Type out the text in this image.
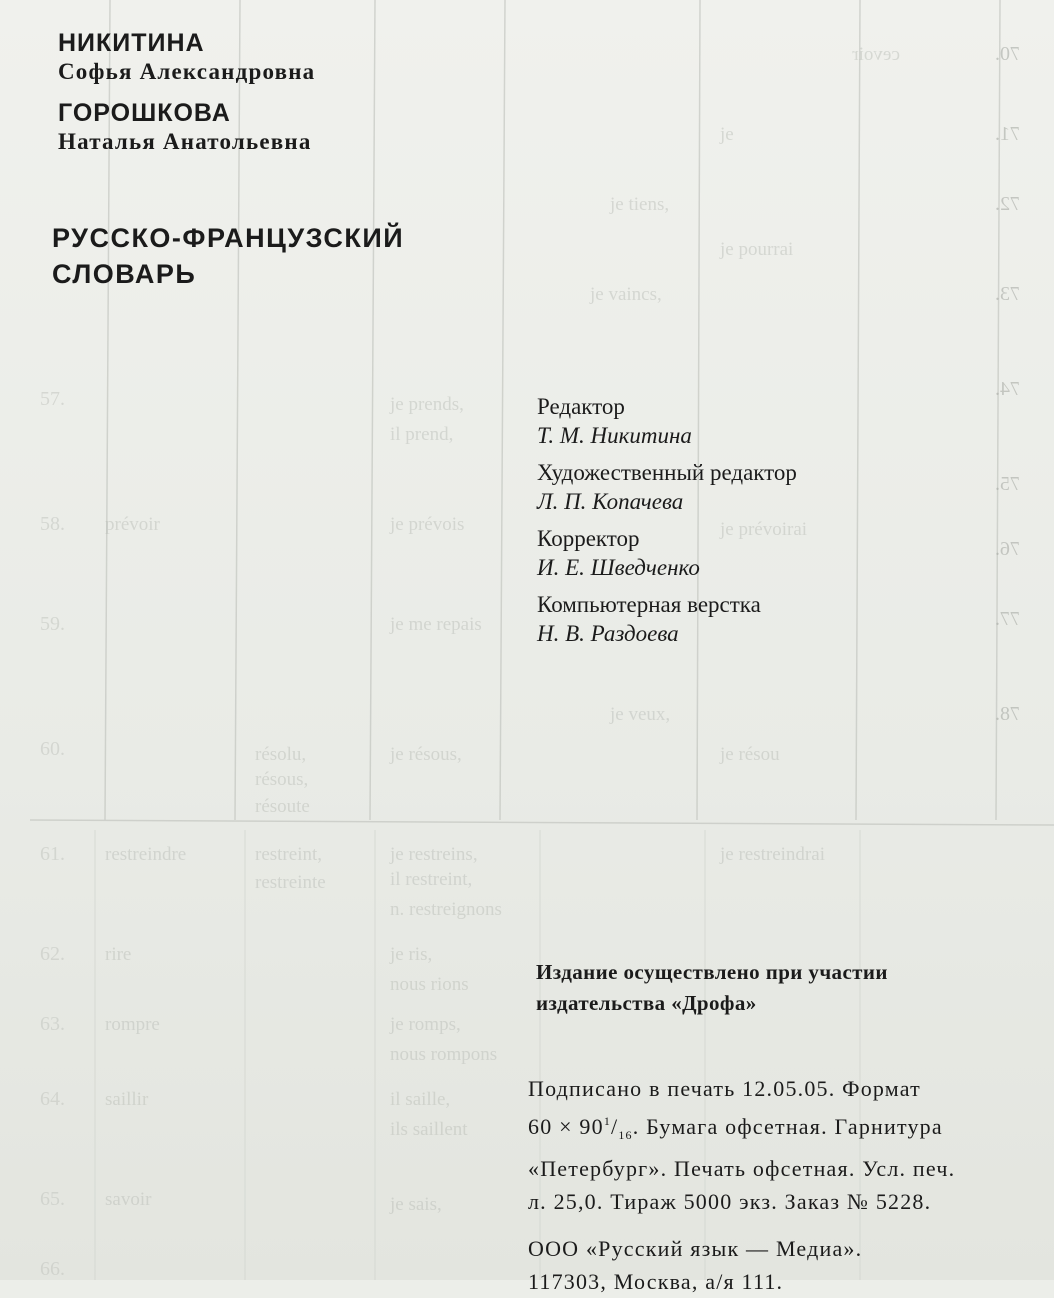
70.
71.
72.
73.
74.
75.
76.
77.
78.
57.
58.
59.
60.
61.
62.
63.
64.
65.
66.
сеvoir
je
je tiens,
je pourrai
je vaincs,
je prends,
il prend,
je prévois	je prévoirai
je me repais
je veux,
je résou
je résous,
je restreins,
il restreint,
n. restreignons
je restreindrai
je ris,
nous rions
je romps,
nous rompons
il saille,
ils saillent
je sais,
restreint,
restreinte
résolu,
résous,
résoute
prévoir
restreindre
rire
rompre
saillir
savoir
НИКИТИНА
Софья Александровна
ГОРОШКОВА
Наталья Анатольевна
РУССКО-ФРАНЦУЗСКИЙ
СЛОВАРЬ
Редактор
Т. М. Никитина
Художественный редактор
Л. П. Копачева
Корректор
И. Е. Шведченко
Компьютерная верстка
Н. В. Раздоева
Издание осуществлено при участии
издательства «Дрофа»
Подписано в печать 12.05.05. Формат
$60 \times 90^1/_{16}$. Бумага офсетная. Гарнитура
«Петербург». Печать офсетная. Усл. печ.
л. 25,0. Тираж 5000 экз. Заказ № 5228.
ООО «Русский язык — Медиа».
117303, Москва, а/я 111.
